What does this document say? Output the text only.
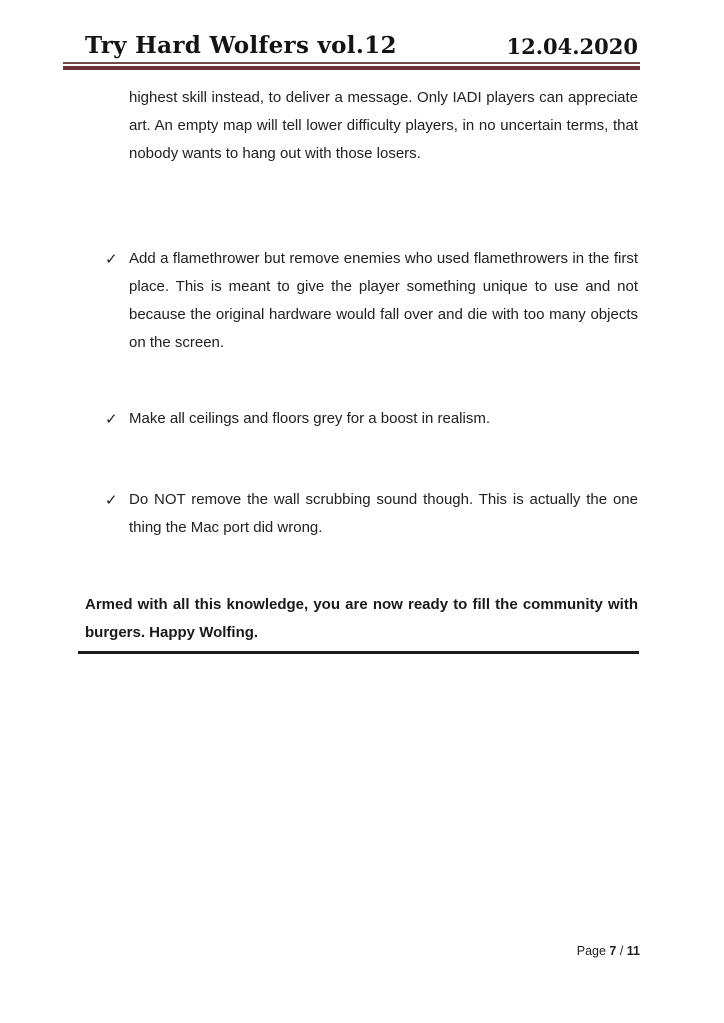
Try Hard Wolfers vol.12	12.04.2020

highest skill instead, to deliver a message. Only IADI players can appreciate art. An empty map will tell lower difficulty players, in no uncertain terms, that nobody wants to hang out with those losers.

✓ Add a flamethrower but remove enemies who used flamethrowers in the first place. This is meant to give the player something unique to use and not because the original hardware would fall over and die with too many objects on the screen.
✓ Make all ceilings and floors grey for a boost in realism.
✓ Do NOT remove the wall scrubbing sound though. This is actually the one thing the Mac port did wrong.

Armed with all this knowledge, you are now ready to fill the community with burgers. Happy Wolfing.

Page 7 / 11
